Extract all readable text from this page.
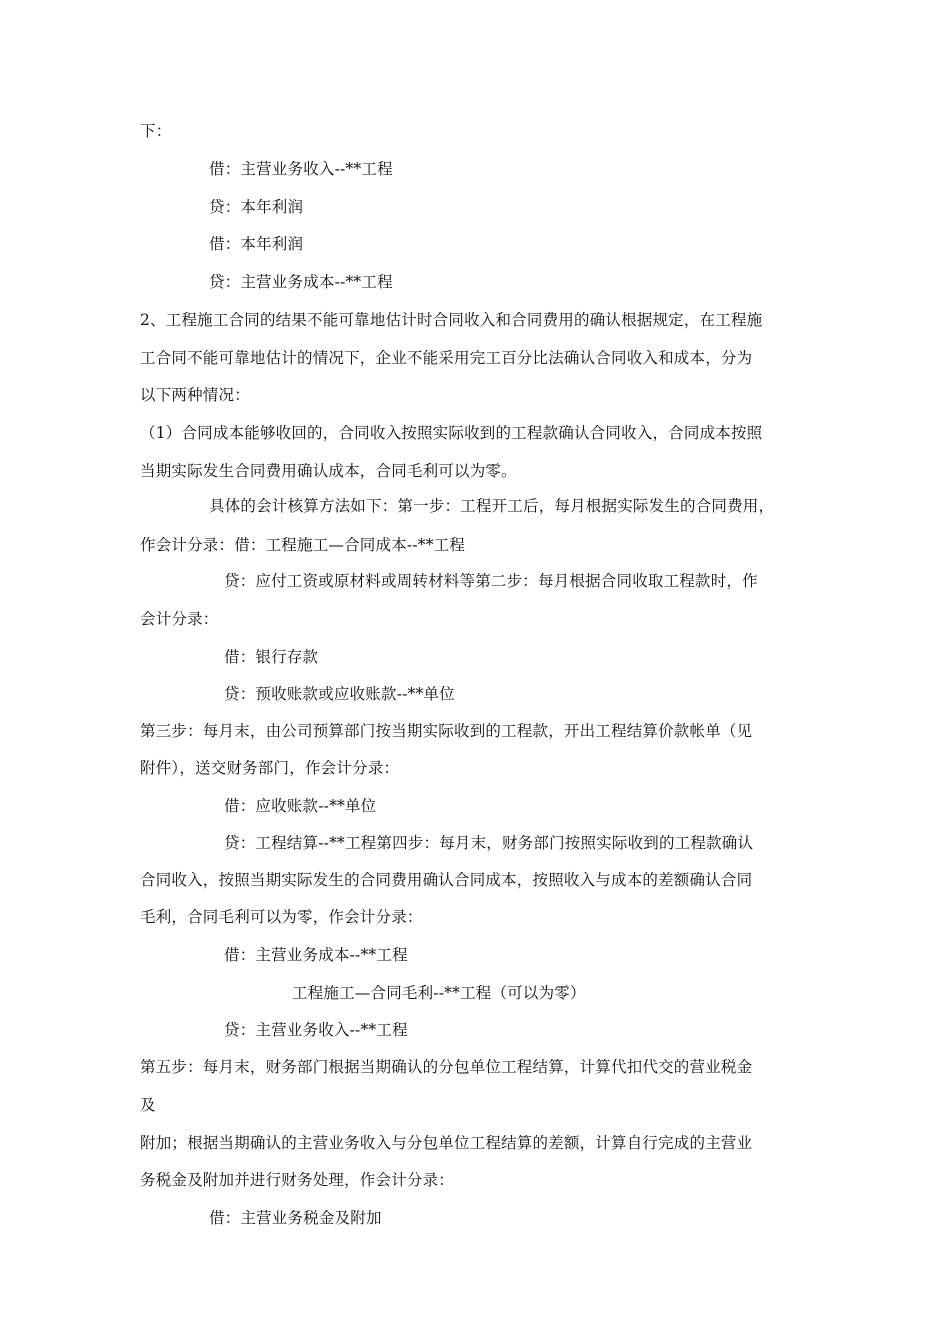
下：
借：主营业务收入--**工程
贷：本年利润
借：本年利润
贷：主营业务成本--**工程
2、工程施工合同的结果不能可靠地估计时合同收入和合同费用的确认根据规定，在工程施
工合同不能可靠地估计的情况下，企业不能采用完工百分比法确认合同收入和成本，分为
以下两种情况：
（1）合同成本能够收回的，合同收入按照实际收到的工程款确认合同收入，合同成本按照
当期实际发生合同费用确认成本，合同毛利可以为零。
具体的会计核算方法如下：第一步：工程开工后，每月根据实际发生的合同费用，
作会计分录：借：工程施工—合同成本--**工程
贷：应付工资或原材料或周转材料等第二步：每月根据合同收取工程款时，作
会计分录：
借：银行存款
贷：预收账款或应收账款--**单位
第三步：每月末，由公司预算部门按当期实际收到的工程款，开出工程结算价款帐单（见
附件），送交财务部门，作会计分录：
借：应收账款--**单位
贷：工程结算--**工程第四步：每月末，财务部门按照实际收到的工程款确认
合同收入，按照当期实际发生的合同费用确认合同成本，按照收入与成本的差额确认合同
毛利，合同毛利可以为零，作会计分录：
借：主营业务成本--**工程
工程施工—合同毛利--**工程（可以为零）
贷：主营业务收入--**工程
第五步：每月末，财务部门根据当期确认的分包单位工程结算，计算代扣代交的营业税金
及
附加；根据当期确认的主营业务收入与分包单位工程结算的差额，计算自行完成的主营业
务税金及附加并进行财务处理，作会计分录：
借：主营业务税金及附加
